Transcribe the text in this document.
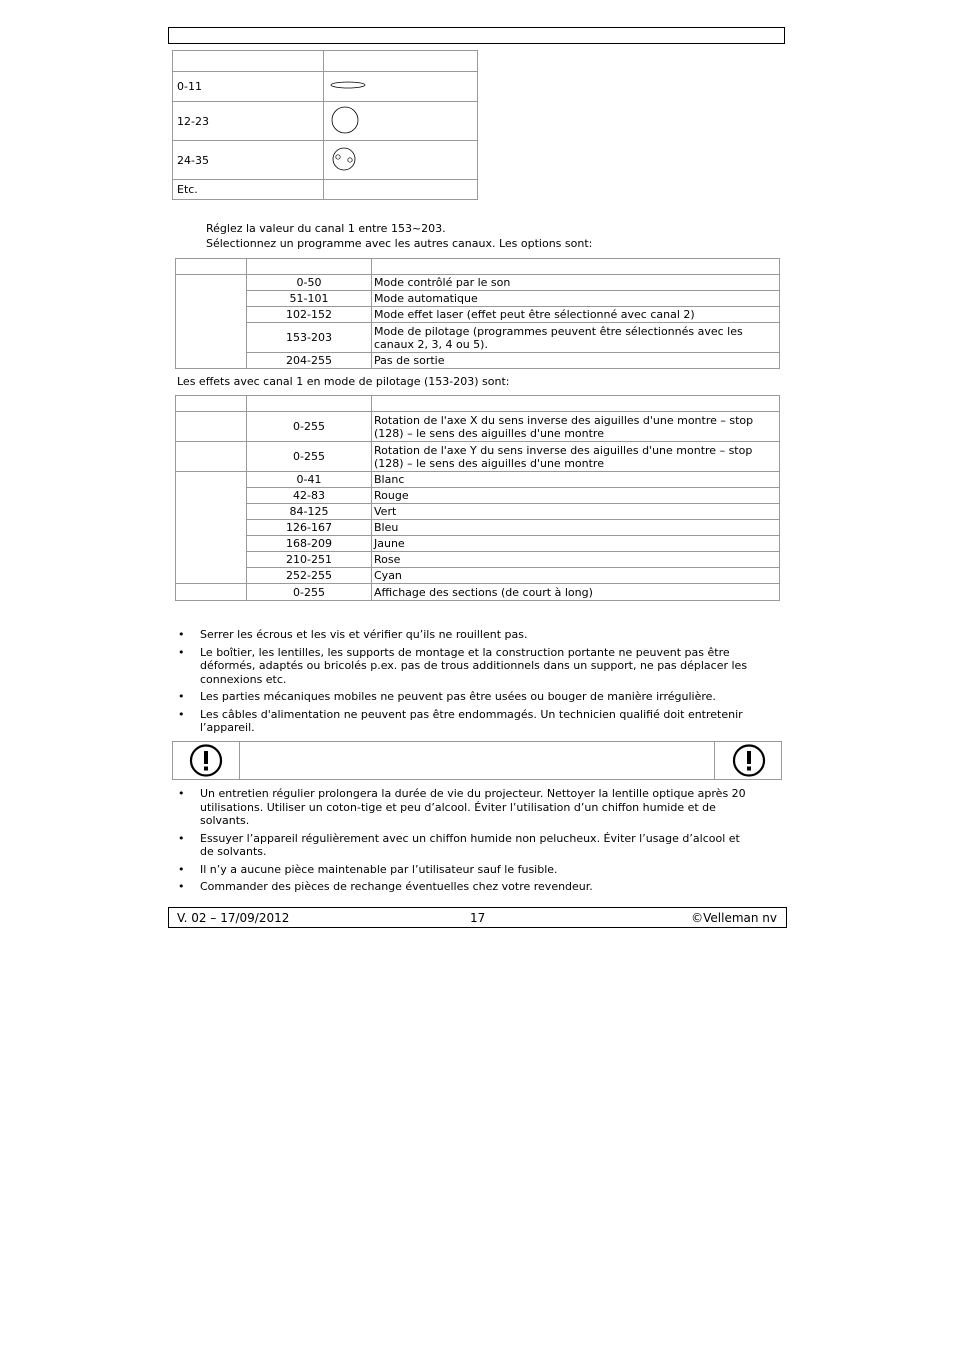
0-11	
12-23	
24-35	
Etc.	
Réglez la valeur du canal 1 entre 153~203.
Sélectionnez un programme avec les autres canaux. Les options sont:

	0-50	Mode contrôlé par le son
	51-101	Mode automatique
	102-152	Mode effet laser (effet peut être sélectionné avec canal 2)
	153-203	Mode de pilotage (programmes peuvent être sélectionnés avec les canaux 2, 3, 4 ou 5).
	204-255	Pas de sortie
Les effets avec canal 1 en mode de pilotage (153-203) sont:

	0-255	Rotation de l'axe X du sens inverse des aiguilles d'une montre – stop (128) – le sens des aiguilles d'une montre
	0-255	Rotation de l'axe Y du sens inverse des aiguilles d'une montre – stop (128) – le sens des aiguilles d'une montre
	0-41	Blanc
	42-83	Rouge
	84-125	Vert
	126-167	Bleu
	168-209	Jaune
	210-251	Rose
	252-255	Cyan
	0-255	Affichage des sections (de court à long)
• Serrer les écrous et les vis et vérifier qu’ils ne rouillent pas.
• Le boîtier, les lentilles, les supports de montage et la construction portante ne peuvent pas être déformés, adaptés ou bricolés p.ex. pas de trous additionnels dans un support, ne pas déplacer les connexions etc.
• Les parties mécaniques mobiles ne peuvent pas être usées ou bouger de manière irrégulière.
• Les câbles d'alimentation ne peuvent pas être endommagés. Un technicien qualifié doit entretenir l’appareil.
• Un entretien régulier prolongera la durée de vie du projecteur. Nettoyer la lentille optique après 20 utilisations. Utiliser un coton-tige et peu d’alcool. Éviter l’utilisation d’un chiffon humide et de solvants.
• Essuyer l’appareil régulièrement avec un chiffon humide non pelucheux. Éviter l’usage d’alcool et de solvants.
• Il n’y a aucune pièce maintenable par l’utilisateur sauf le fusible.
• Commander des pièces de rechange éventuelles chez votre revendeur.
V. 02 – 17/09/2012	17	©Velleman nv
